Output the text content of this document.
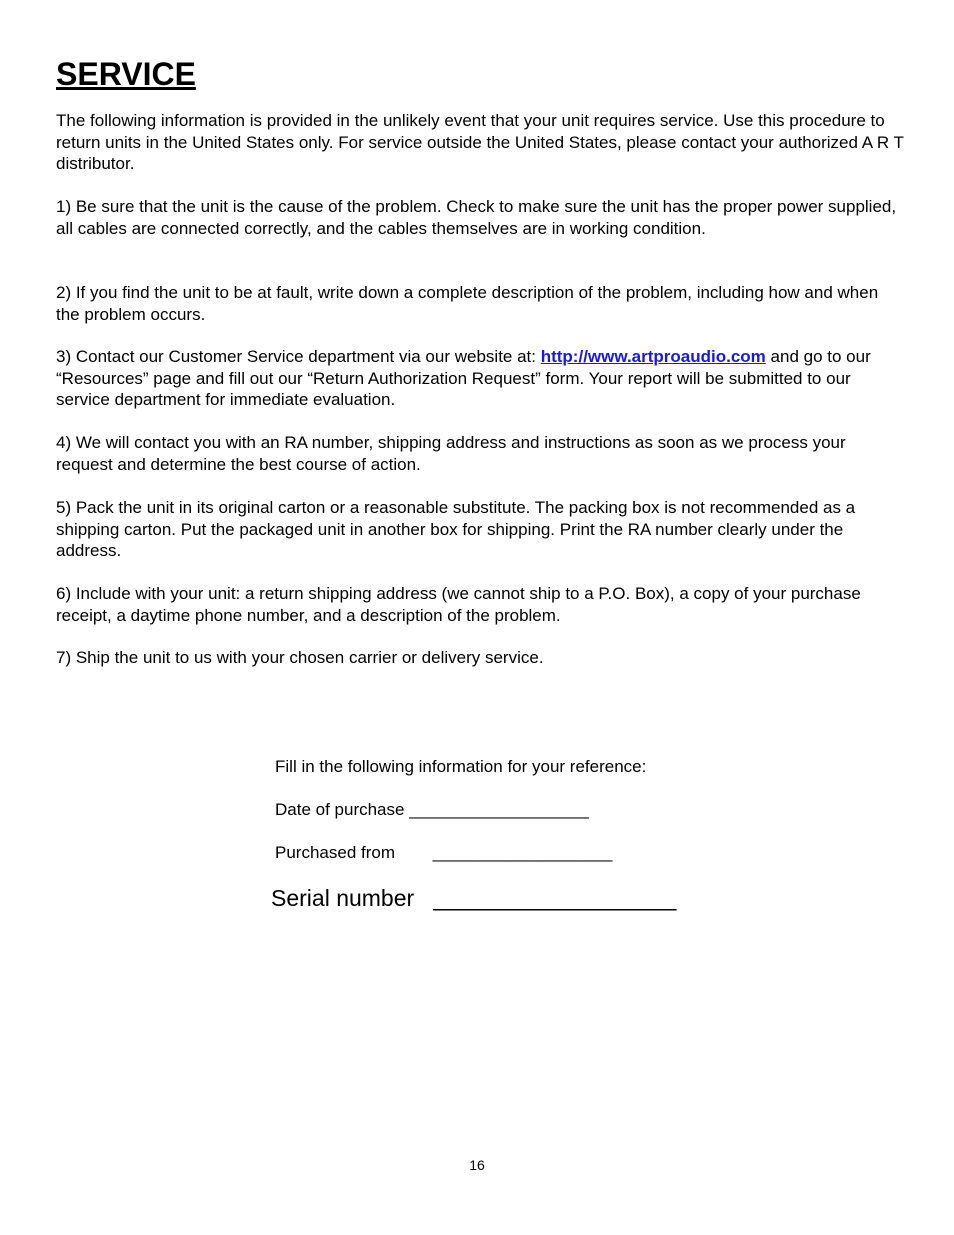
SERVICE

The following information is provided in the unlikely event that your unit requires service. Use this procedure to return units in the United States only. For service outside the United States, please contact your authorized A R T distributor.

1) Be sure that the unit is the cause of the problem. Check to make sure the unit has the proper power supplied, all cables are connected correctly, and the cables themselves are in working condition.

2) If you find the unit to be at fault, write down a complete description of the problem, including how and when the problem occurs.

3) Contact our Customer Service department via our website at: http://www.artproaudio.com and go to our “Resources” page and fill out our “Return Authorization Request” form. Your report will be submitted to our service department for immediate evaluation.

4) We will contact you with an RA number, shipping address and instructions as soon as we process your request and determine the best course of action.

5) Pack the unit in its original carton or a reasonable substitute. The packing box is not recommended as a shipping carton. Put the packaged unit in another box for shipping. Print the RA number clearly under the address.

6) Include with your unit: a return shipping address (we cannot ship to a P.O. Box), a copy of your purchase receipt, a daytime phone number, and a description of the problem.

7) Ship the unit to us with your chosen carrier or delivery service.

Fill in the following information for your reference:

Date of purchase ___________________

Purchased from        ___________________

Serial number   ___________________

16
